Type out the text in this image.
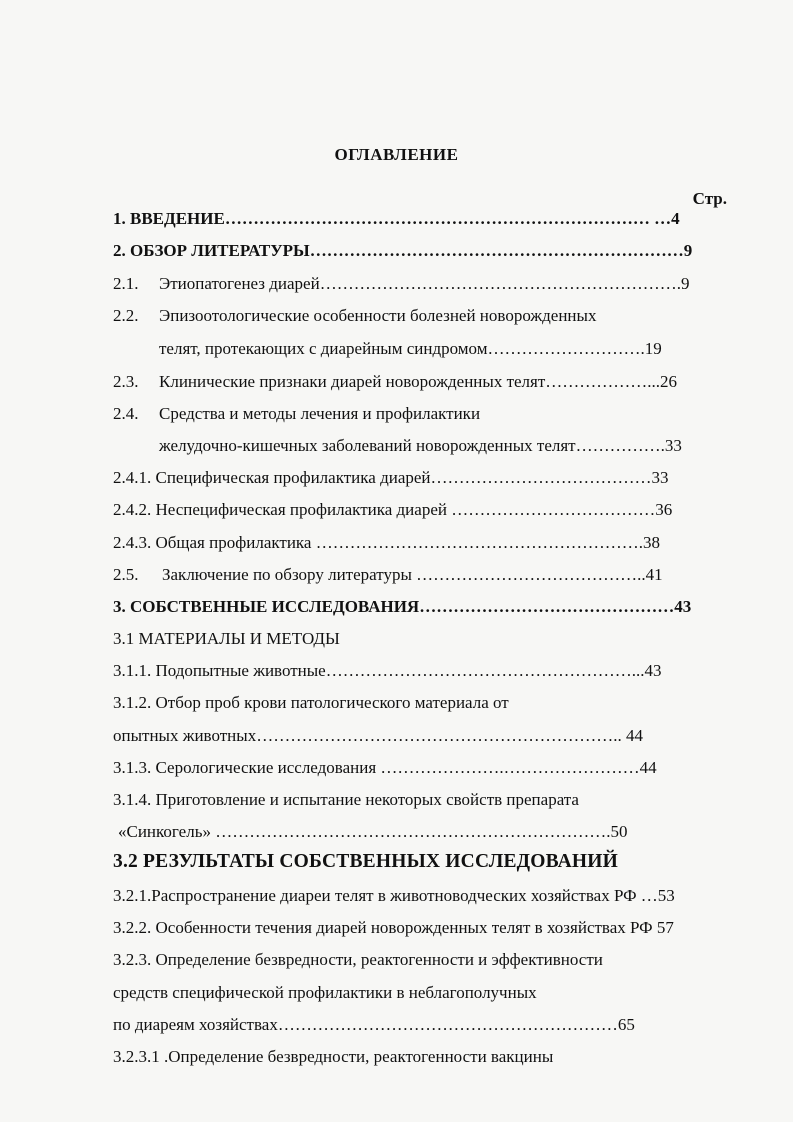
ОГЛАВЛЕНИЕ
Стр.
1. ВВЕДЕНИЕ………………………………………………………………… …4
2. ОБЗОР ЛИТЕРАТУРЫ…………………………………………………………9
2.1. Этиопатогенез диарей……………………………………………………….9
2.2. Эпизоотологические особенности болезней новорожденных
телят, протекающих с диарейным синдромом……………………….19
2.3. Клинические признаки диарей новорожденных телят………………...26
2.4. Средства и методы лечения и профилактики
желудочно-кишечных заболеваний новорожденных телят…………….33
2.4.1. Специфическая профилактика диарей…………………………………33
2.4.2. Неспецифическая профилактика диарей ………………………………36
2.4.3. Общая профилактика ………………………………………………….38
2.5. Заключение по обзору литературы …………………………………..41
3. СОБСТВЕННЫЕ ИССЛЕДОВАНИЯ………………………………………43
3.1 МАТЕРИАЛЫ И МЕТОДЫ
3.1.1. Подопытные животные………………………………………………...43
3.1.2. Отбор проб крови патологического материала от
опытных животных……………………………………………………….. 44
3.1.3. Серологические исследования ………………….……………………44
3.1.4. Приготовление и испытание некоторых свойств препарата
«Синкогель» …………………………………………………………….50
3.2 РЕЗУЛЬТАТЫ СОБСТВЕННЫХ ИССЛЕДОВАНИЙ
3.2.1.Распространение диареи телят в животноводческих хозяйствах РФ …53
3.2.2. Особенности течения диарей новорожденных телят в хозяйствах РФ 57
3.2.3. Определение безвредности, реактогенности и эффективности
средств специфической профилактики в неблагополучных
по диареям хозяйствах……………………………………………………65
3.2.3.1 .Определение безвредности, реактогенности вакцины
